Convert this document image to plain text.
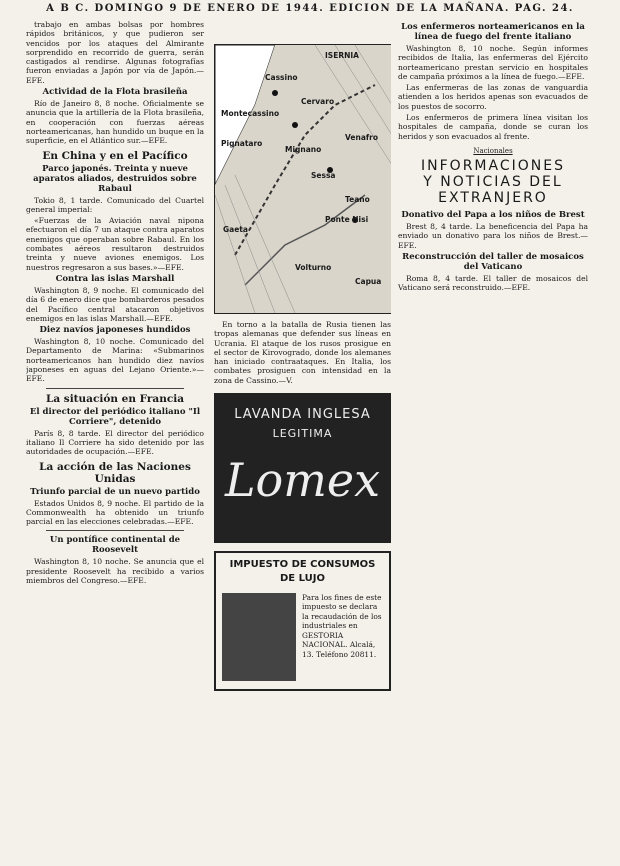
A B C. DOMINGO 9 DE ENERO DE 1944. EDICION DE LA MAÑANA. PAG. 24.

trabajo en ambas bolsas por hombres rápidos británicos, y que pudieron ser vencidos por los ataques del Almirante sorprendido en recorrido de guerra, serán castigados al rendirse. Algunas fotografías fueron enviadas a Japón por vía de Japón.—EFE.

Actividad de la Flota brasileña

Río de Janeiro 8, 8 noche. Oficialmente se anuncia que la artillería de la Flota brasileña, en cooperación con fuerzas aéreas norteamericanas, han hundido un buque en la superficie, en el Atlántico sur.—EFE.

En China y en el Pacífico
Parco japonés. Treinta y nueve aparatos aliados, destruidos sobre Rabaul

Tokio 8, 1 tarde. Comunicado del Cuartel general imperial:

«Fuerzas de la Aviación naval nipona efectuaron el día 7 un ataque contra aparatos enemigos que operaban sobre Rabaul. En los combates aéreos resultaron destruidos treinta y nueve aviones enemigos. Los nuestros regresaron a sus bases.»—EFE.

Contra las islas Marshall

Washington 8, 9 noche. El comunicado del día 6 de enero dice que bombarderos pesados del Pacífico central atacaron objetivos enemigos en las islas Marshall.—EFE.

Diez navíos japoneses hundidos

Washington 8, 10 noche. Comunicado del Departamento de Marina: «Submarinos norteamericanos han hundido diez navíos japoneses en aguas del Lejano Oriente.»—EFE.

La situación en Francia
El director del periódico italiano "Il Corriere", detenido

París 8, 8 tarde. El director del periódico italiano Il Corriere ha sido detenido por las autoridades de ocupación.—EFE.

La acción de las Naciones Unidas
Triunfo parcial de un nuevo partido

Estados Unidos 8, 9 noche. El partido de la Commonwealth ha obtenido un triunfo parcial en las elecciones celebradas.—EFE.

Un pontífice continental de Roosevelt

Washington 8, 10 noche. Se anuncia que el presidente Roosevelt ha recibido a varios miembros del Congreso.—EFE.

ISERNIA
Cassino
Cervaro
Montecassino
Pignataro
Mignano
Venafro
Sessa
Teano
Ponte Nisi
Volturno
Capua
Gaeta

En torno a la batalla de Rusia tienen las tropas alemanas que defender sus líneas en Ucrania. El ataque de los rusos prosigue en el sector de Kirovogrado, donde los alemanes han iniciado contraataques. En Italia, los combates prosiguen con intensidad en la zona de Cassino.—V.

LAVANDA INGLESA
LEGITIMA
Lomex
IMPUESTO DE CONSUMOS
DE LUJO
Para los fines de este impuesto se declara la recaudación de los industriales en GESTORIA NACIONAL. Alcalá, 13. Teléfono 20811.
Los enfermeros norteamericanos en la línea de fuego del frente italiano

Washington 8, 10 noche. Según informes recibidos de Italia, las enfermeras del Ejército norteamericano prestan servicio en hospitales de campaña próximos a la línea de fuego.—EFE.

Las enfermeras de las zonas de vanguardia atienden a los heridos apenas son evacuados de los puestos de socorro.

Los enfermeros de primera línea visitan los hospitales de campaña, donde se curan los heridos y son evacuados al frente.

Nacionales
INFORMACIONES
Y NOTICIAS DEL
EXTRANJERO
Donativo del Papa a los niños de Brest

Brest 8, 4 tarde. La beneficencia del Papa ha enviado un donativo para los niños de Brest.—EFE.

Reconstrucción del taller de mosaicos del Vaticano

Roma 8, 4 tarde. El taller de mosaicos del Vaticano será reconstruido.—EFE.
